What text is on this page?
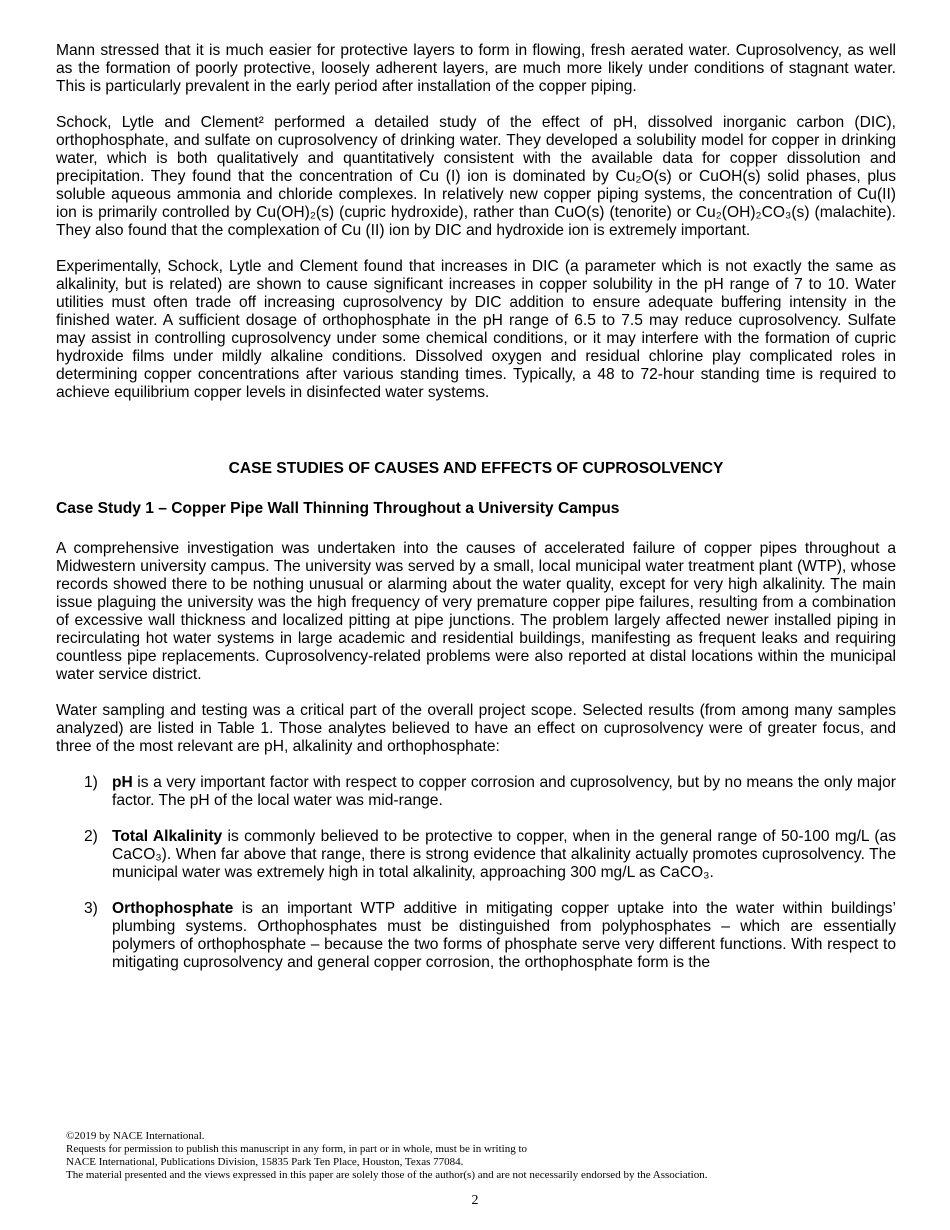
Mann stressed that it is much easier for protective layers to form in flowing, fresh aerated water. Cuprosolvency, as well as the formation of poorly protective, loosely adherent layers, are much more likely under conditions of stagnant water. This is particularly prevalent in the early period after installation of the copper piping.

Schock, Lytle and Clement² performed a detailed study of the effect of pH, dissolved inorganic carbon (DIC), orthophosphate, and sulfate on cuprosolvency of drinking water. They developed a solubility model for copper in drinking water, which is both qualitatively and quantitatively consistent with the available data for copper dissolution and precipitation. They found that the concentration of Cu (I) ion is dominated by Cu₂O(s) or CuOH(s) solid phases, plus soluble aqueous ammonia and chloride complexes. In relatively new copper piping systems, the concentration of Cu(II) ion is primarily controlled by Cu(OH)₂(s) (cupric hydroxide), rather than CuO(s) (tenorite) or Cu₂(OH)₂CO₃(s) (malachite). They also found that the complexation of Cu (II) ion by DIC and hydroxide ion is extremely important.

Experimentally, Schock, Lytle and Clement found that increases in DIC (a parameter which is not exactly the same as alkalinity, but is related) are shown to cause significant increases in copper solubility in the pH range of 7 to 10. Water utilities must often trade off increasing cuprosolvency by DIC addition to ensure adequate buffering intensity in the finished water. A sufficient dosage of orthophosphate in the pH range of 6.5 to 7.5 may reduce cuprosolvency. Sulfate may assist in controlling cuprosolvency under some chemical conditions, or it may interfere with the formation of cupric hydroxide films under mildly alkaline conditions. Dissolved oxygen and residual chlorine play complicated roles in determining copper concentrations after various standing times. Typically, a 48 to 72-hour standing time is required to achieve equilibrium copper levels in disinfected water systems.

CASE STUDIES OF CAUSES AND EFFECTS OF CUPROSOLVENCY
Case Study 1 – Copper Pipe Wall Thinning Throughout a University Campus

A comprehensive investigation was undertaken into the causes of accelerated failure of copper pipes throughout a Midwestern university campus. The university was served by a small, local municipal water treatment plant (WTP), whose records showed there to be nothing unusual or alarming about the water quality, except for very high alkalinity. The main issue plaguing the university was the high frequency of very premature copper pipe failures, resulting from a combination of excessive wall thickness and localized pitting at pipe junctions. The problem largely affected newer installed piping in recirculating hot water systems in large academic and residential buildings, manifesting as frequent leaks and requiring countless pipe replacements. Cuprosolvency-related problems were also reported at distal locations within the municipal water service district.

Water sampling and testing was a critical part of the overall project scope. Selected results (from among many samples analyzed) are listed in Table 1. Those analytes believed to have an effect on cuprosolvency were of greater focus, and three of the most relevant are pH, alkalinity and orthophosphate:

1) pH is a very important factor with respect to copper corrosion and cuprosolvency, but by no means the only major factor. The pH of the local water was mid-range.
2) Total Alkalinity is commonly believed to be protective to copper, when in the general range of 50-100 mg/L (as CaCO₃). When far above that range, there is strong evidence that alkalinity actually promotes cuprosolvency. The municipal water was extremely high in total alkalinity, approaching 300 mg/L as CaCO₃.
3) Orthophosphate is an important WTP additive in mitigating copper uptake into the water within buildings’ plumbing systems. Orthophosphates must be distinguished from polyphosphates – which are essentially polymers of orthophosphate – because the two forms of phosphate serve very different functions. With respect to mitigating cuprosolvency and general copper corrosion, the orthophosphate form is the
©2019 by NACE International.
Requests for permission to publish this manuscript in any form, in part or in whole, must be in writing to
NACE International, Publications Division, 15835 Park Ten Place, Houston, Texas 77084.
The material presented and the views expressed in this paper are solely those of the author(s) and are not necessarily endorsed by the Association.
2
